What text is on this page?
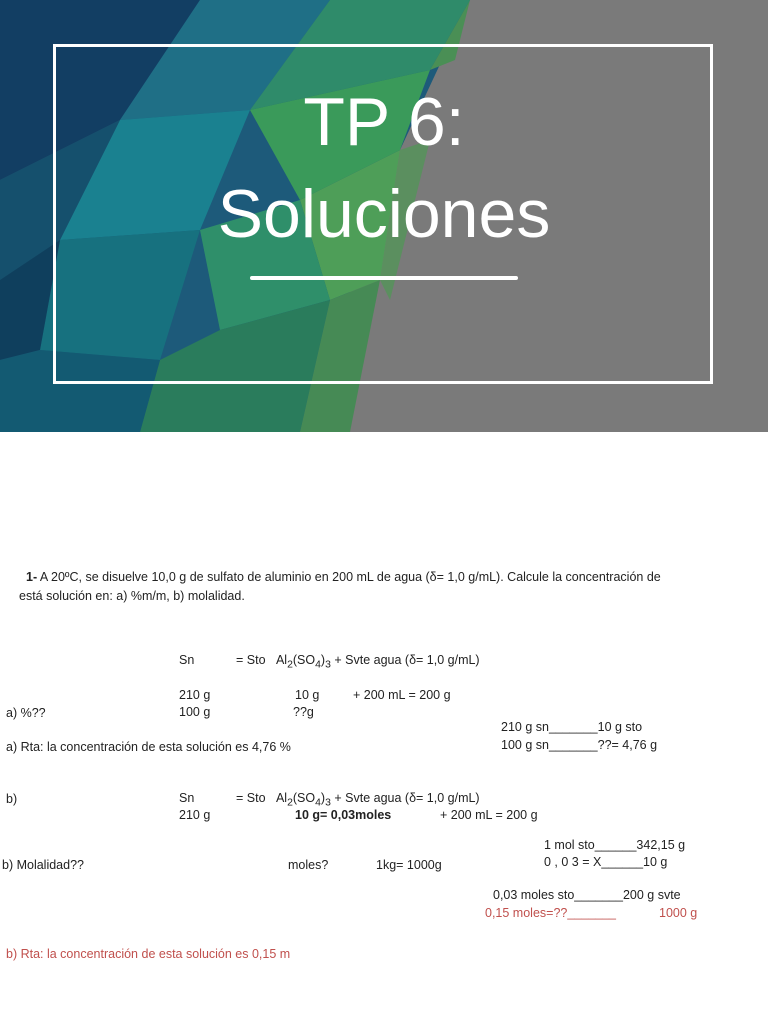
TP 6:
Soluciones
1- A 20ºC, se disuelve 10,0 g de sulfato de aluminio en 200 mL de agua (δ= 1,0 g/mL). Calcule la concentración de
está solución en: a) %m/m, b) molalidad.
Sn	= Sto $Al_2(SO_4)_3$ + Svte agua (δ= 1,0 g/mL)
210 g	10 g	+ 200 mL = 200 g
a) %??	100 g	??g
210 g sn_______10 g sto
100 g sn_______??= 4,76 g
a) Rta: la concentración de esta solución es 4,76 %
b)	Sn	= Sto $Al_2(SO_4)_3$ + Svte agua (δ= 1,0 g/mL)
210 g	10 g= 0,03moles	+ 200 mL = 200 g
1 mol sto______342,15 g
0 , 0 3 = X______10 g
b) Molalidad??	moles?	1kg= 1000g
0,03 moles sto_______200 g svte
0,15 moles=??_______	1000 g
b) Rta: la concentración de esta solución es 0,15 m
